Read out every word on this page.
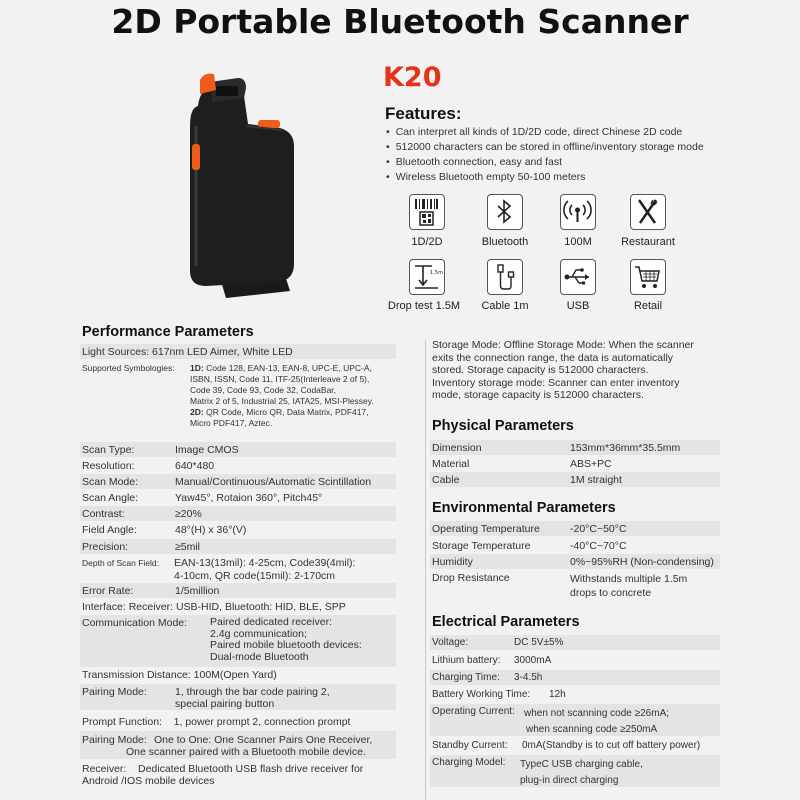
2D Portable Bluetooth Scanner
K20
Features:
• Can interpret all kinds of 1D/2D code, direct Chinese 2D code
• 512000 characters can be stored in offline/inventory storage mode
• Bluetooth connection, easy and fast
• Wireless Bluetooth empty 50-100 meters
1D/2D	Bluetooth	100M	Restaurant
1.5m
Drop test 1.5M	Cable 1m	USB	Retail
Performance Parameters
Light Sources: 617nm LED Aimer, White LED
Supported Symbologies: 1D: Code 128, EAN-13, EAN-8, UPC-E, UPC-A,
ISBN, ISSN, Code 11, ITF-25(Interleave 2 of 5),
Code 39, Code 93, Code 32, CodaBar,
Matrix 2 of 5, Industrial 25, IATA25, MSI-Plessey.
2D: QR Code, Micro QR, Data Matrix, PDF417,
Micro PDF417, Aztec.
Scan Type:	Image CMOS
Resolution:	640*480
Scan Mode:	Manual/Continuous/Automatic Scintillation
Scan Angle:	Yaw45°, Rotaion 360°, Pitch45°
Contrast:	≥20%
Field Angle:	48°(H) x 36°(V)
Precision:	≥5mil
Depth of Scan Field: EAN-13(13mil): 4-25cm, Code39(4mil):
4-10cm, QR code(15mil): 2-170cm
Error Rate:	1/5million
Interface: Receiver: USB-HID, Bluetooth: HID, BLE, SPP
Communication Mode: Paired dedicated receiver:
2.4g communication;
Paired mobile bluetooth devices:
Dual-mode Bluetooth
Transmission Distance: 100M(Open Yard)
Pairing Mode:	1, through the bar code pairing 2,
special pairing button
Prompt Function:    1, power prompt 2, connection prompt
Pairing Mode: One to One: One Scanner Pairs One Receiver,
One scanner paired with a Bluetooth mobile device.
Receiver: Dedicated Bluetooth USB flash drive receiver for
Android /IOS mobile devices
Storage Mode: Offline Storage Mode: When the scanner
exits the connection range, the data is automatically
stored. Storage capacity is 512000 characters.
Inventory storage mode: Scanner can enter inventory
mode, storage capacity is 512000 characters.
Physical Parameters
Dimension	153mm*36mm*35.5mm
Material	ABS+PC
Cable	1M straight
Environmental Parameters
Operating Temperature	-20°C~50°C
Storage Temperature	-40°C~70°C
Humidity	0%~95%RH (Non-condensing)
Drop Resistance	Withstands multiple 1.5m
drops to concrete
Electrical Parameters
Voltage:	DC 5V±5%
Lithium battery: 3000mA
Charging Time: 3-4.5h
Battery Working Time: 12h
Operating Current: when not scanning code ≥26mA;
when scanning code ≥250mA
Standby Current: 0mA(Standby is to cut off battery power)
Charging Model: TypeC USB charging cable,
plug-in direct charging
